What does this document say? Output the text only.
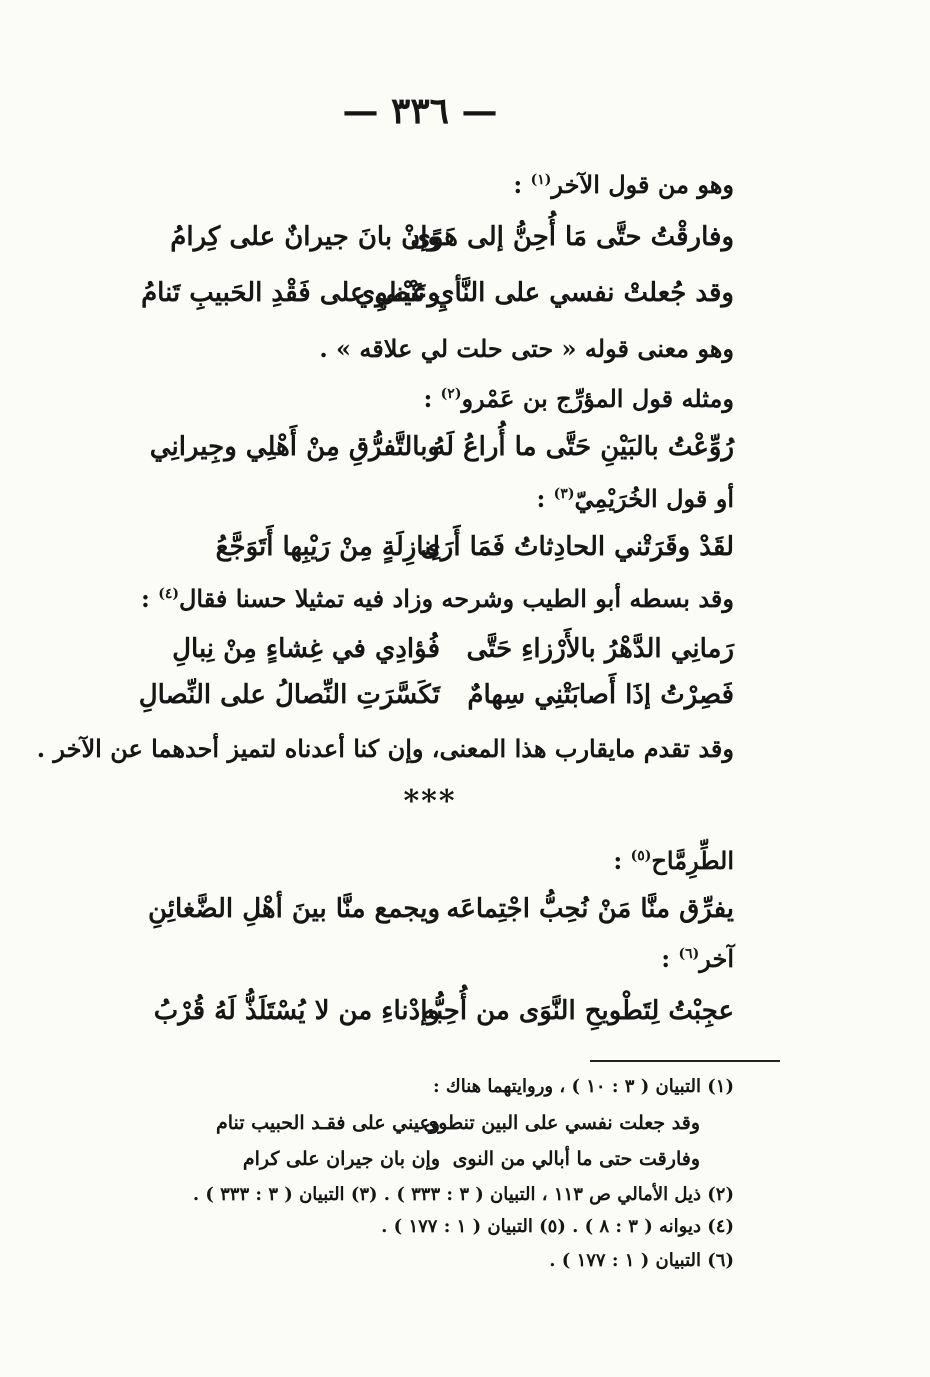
— ٣٣٦ —
وهو من قول الآخر$^{(١)}$ :
وفارقْتُ حتَّى مَا أُحِنُّ إلى هَوًى
وإنْ بانَ جيرانٌ على كِرامُ
وقد جُعلتْ نفسي على النَّأيِ تَنْطوِي
وعَيْني على فَقْدِ الحَبيبِ تَنامُ
وهو معنى قوله « حتى حلت لي علاقه » .
ومثله قول المؤرِّج بن عَمْرو$^{(٢)}$ :
رُوِّعْتُ بالبَيْنِ حَتَّى ما أُراعُ لَهُ
وبالتَّفرُّقِ مِنْ أَهْلِي وجِيرانِي
أو قول الخُرَيْمِيّ$^{(٣)}$ :
لقَدْ وقَرَتْني الحادِثاتُ فَمَا أَرَى
لِنازِلَةٍ مِنْ رَيْبِها أَتَوَجَّعُ
وقد بسطه أبو الطيب وشرحه وزاد فيه تمثيلا حسنا فقال$^{(٤)}$ :
رَمانِي الدَّهْرُ بالأَرْزاءِ حَتَّى
فُؤادِي في غِشاءٍ مِنْ نِبالِ
فَصِرْتُ إذَا أَصابَتْنِي سِهامٌ
تَكَسَّرَتِ النِّصالُ على النِّصالِ
وقد تقدم مايقارب هذا المعنى، وإن كنا أعدناه لتميز أحدهما عن الآخر .
***
الطِّرِمَّاح$^{(٥)}$ :
يفرِّق منَّا مَنْ نُحِبُّ اجْتِماعَه
ويجمع منَّا بينَ أهْلِ الضَّغائِنِ
آخر$^{(٦)}$ :
عجِبْتُ لِتَطْويحِ النَّوَى من أُحِبُّه
وإدْناءِ من لا يُسْتَلَذُّ لَهُ قُرْبُ
(١) التبيان ( ٣ : ١٠ ) ، وروايتهما هناك :
وقد جعلت نفسي على البين تنطوي
وعيني على فقـد الحبيب تنام
وفارقت حتى ما أبالي من النوى
وإن بان جيران على كرام
(٢) ذيل الأمالي ص ١١٣ ، التبيان ( ٣ : ٣٣٣ ) . (٣) التبيان ( ٣ : ٣٣٣ ) .
(٤) ديوانه ( ٣ : ٨ ) . (٥) التبيان ( ١ : ١٧٧ ) .
(٦) التبيان ( ١ : ١٧٧ ) .
